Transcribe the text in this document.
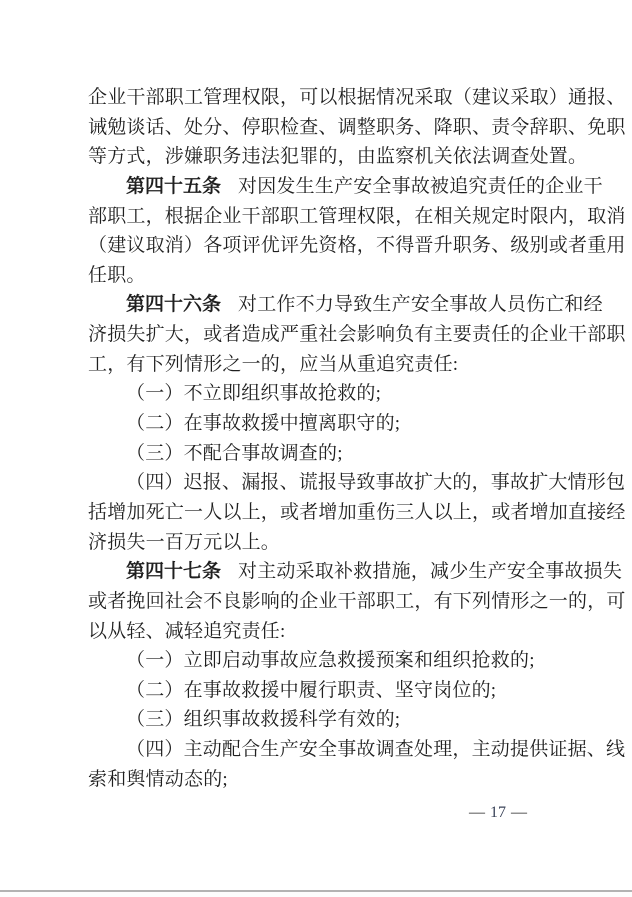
企业干部职工管理权限，可以根据情况采取（建议采取）通报、
诫勉谈话、处分、停职检查、调整职务、降职、责令辞职、免职
等方式，涉嫌职务违法犯罪的，由监察机关依法调查处置。
第四十五条 对因发生生产安全事故被追究责任的企业干
部职工，根据企业干部职工管理权限，在相关规定时限内，取消
（建议取消）各项评优评先资格，不得晋升职务、级别或者重用
任职。
第四十六条 对工作不力导致生产安全事故人员伤亡和经
济损失扩大，或者造成严重社会影响负有主要责任的企业干部职
工，有下列情形之一的，应当从重追究责任:
（一）不立即组织事故抢救的;
（二）在事故救援中擅离职守的;
（三）不配合事故调查的;
（四）迟报、漏报、谎报导致事故扩大的，事故扩大情形包
括增加死亡一人以上，或者增加重伤三人以上，或者增加直接经
济损失一百万元以上。
第四十七条 对主动采取补救措施，减少生产安全事故损失
或者挽回社会不良影响的企业干部职工，有下列情形之一的，可
以从轻、减轻追究责任:
（一）立即启动事故应急救援预案和组织抢救的;
（二）在事故救援中履行职责、坚守岗位的;
（三）组织事故救援科学有效的;
（四）主动配合生产安全事故调查处理，主动提供证据、线
索和舆情动态的;
— 17 —
